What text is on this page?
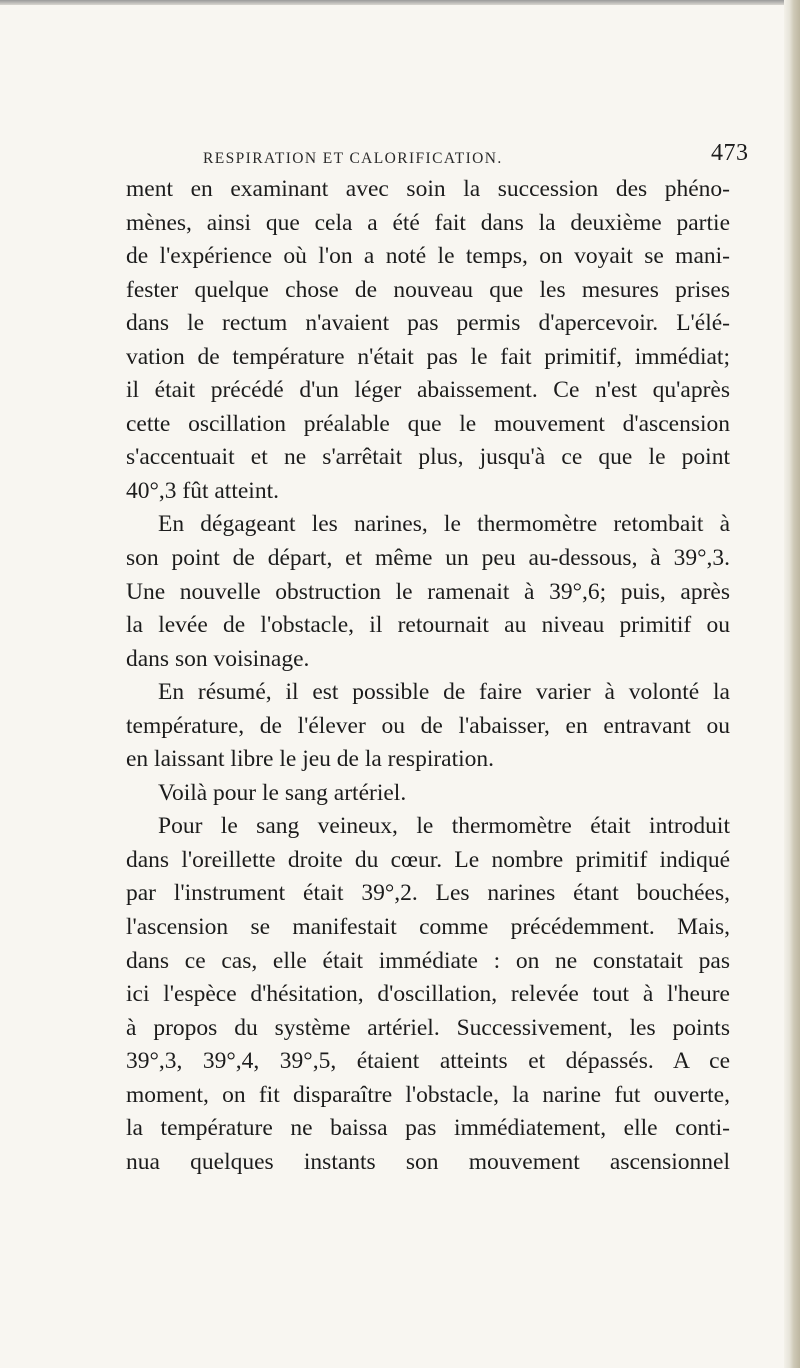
RESPIRATION ET CALORIFICATION.	473
ment en examinant avec soin la succession des phéno-
mènes, ainsi que cela a été fait dans la deuxième partie
de l'expérience où l'on a noté le temps, on voyait se mani-
fester quelque chose de nouveau que les mesures prises
dans le rectum n'avaient pas permis d'apercevoir. L'élé-
vation de température n'était pas le fait primitif, immédiat;
il était précédé d'un léger abaissement. Ce n'est qu'après
cette oscillation préalable que le mouvement d'ascension
s'accentuait et ne s'arrêtait plus, jusqu'à ce que le point
40°,3 fût atteint.
En dégageant les narines, le thermomètre retombait à
son point de départ, et même un peu au-dessous, à 39°,3.
Une nouvelle obstruction le ramenait à 39°,6; puis, après
la levée de l'obstacle, il retournait au niveau primitif ou
dans son voisinage.
En résumé, il est possible de faire varier à volonté la
température, de l'élever ou de l'abaisser, en entravant ou
en laissant libre le jeu de la respiration.
Voilà pour le sang artériel.
Pour le sang veineux, le thermomètre était introduit
dans l'oreillette droite du cœur. Le nombre primitif indiqué
par l'instrument était 39°,2. Les narines étant bouchées,
l'ascension se manifestait comme précédemment. Mais,
dans ce cas, elle était immédiate : on ne constatait pas
ici l'espèce d'hésitation, d'oscillation, relevée tout à l'heure
à propos du système artériel. Successivement, les points
39°,3, 39°,4, 39°,5, étaient atteints et dépassés. A ce
moment, on fit disparaître l'obstacle, la narine fut ouverte,
la température ne baissa pas immédiatement, elle conti-
nua quelques instants son mouvement ascensionnel
